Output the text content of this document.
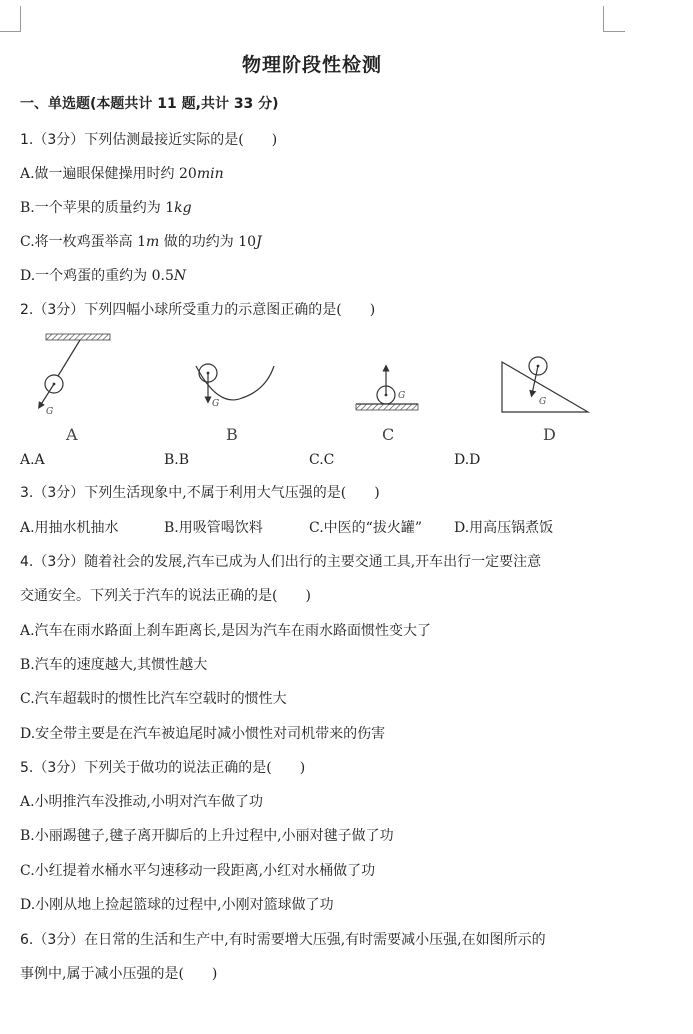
物理阶段性检测
一、单选题(本题共计 11 题,共计 33 分)
1.（3分）下列估测最接近实际的是(　　)
A.做一遍眼保健操用时约 20min
B.一个苹果的质量约为 1kg
C.将一枚鸡蛋举高 1m 做的功约为 10J
D.一个鸡蛋的重约为 0.5N
2.（3分）下列四幅小球所受重力的示意图正确的是(　　)
G
A
G
B
G
C
G
D
A.A	B.B	C.C	D.D
3.（3分）下列生活现象中,不属于利用大气压强的是(　　)
A.用抽水机抽水	B.用吸管喝饮料	C.中医的“拔火罐” D.用高压锅煮饭
4.（3分）随着社会的发展,汽车已成为人们出行的主要交通工具,开车出行一定要注意
交通安全。下列关于汽车的说法正确的是(　　)
A.汽车在雨水路面上刹车距离长,是因为汽车在雨水路面惯性变大了
B.汽车的速度越大,其惯性越大
C.汽车超载时的惯性比汽车空载时的惯性大
D.安全带主要是在汽车被追尾时减小惯性对司机带来的伤害
5.（3分）下列关于做功的说法正确的是(　　)
A.小明推汽车没推动,小明对汽车做了功
B.小丽踢毽子,毽子离开脚后的上升过程中,小丽对毽子做了功
C.小红提着水桶水平匀速移动一段距离,小红对水桶做了功
D.小刚从地上捡起篮球的过程中,小刚对篮球做了功
6.（3分）在日常的生活和生产中,有时需要增大压强,有时需要减小压强,在如图所示的
事例中,属于减小压强的是(　　)
